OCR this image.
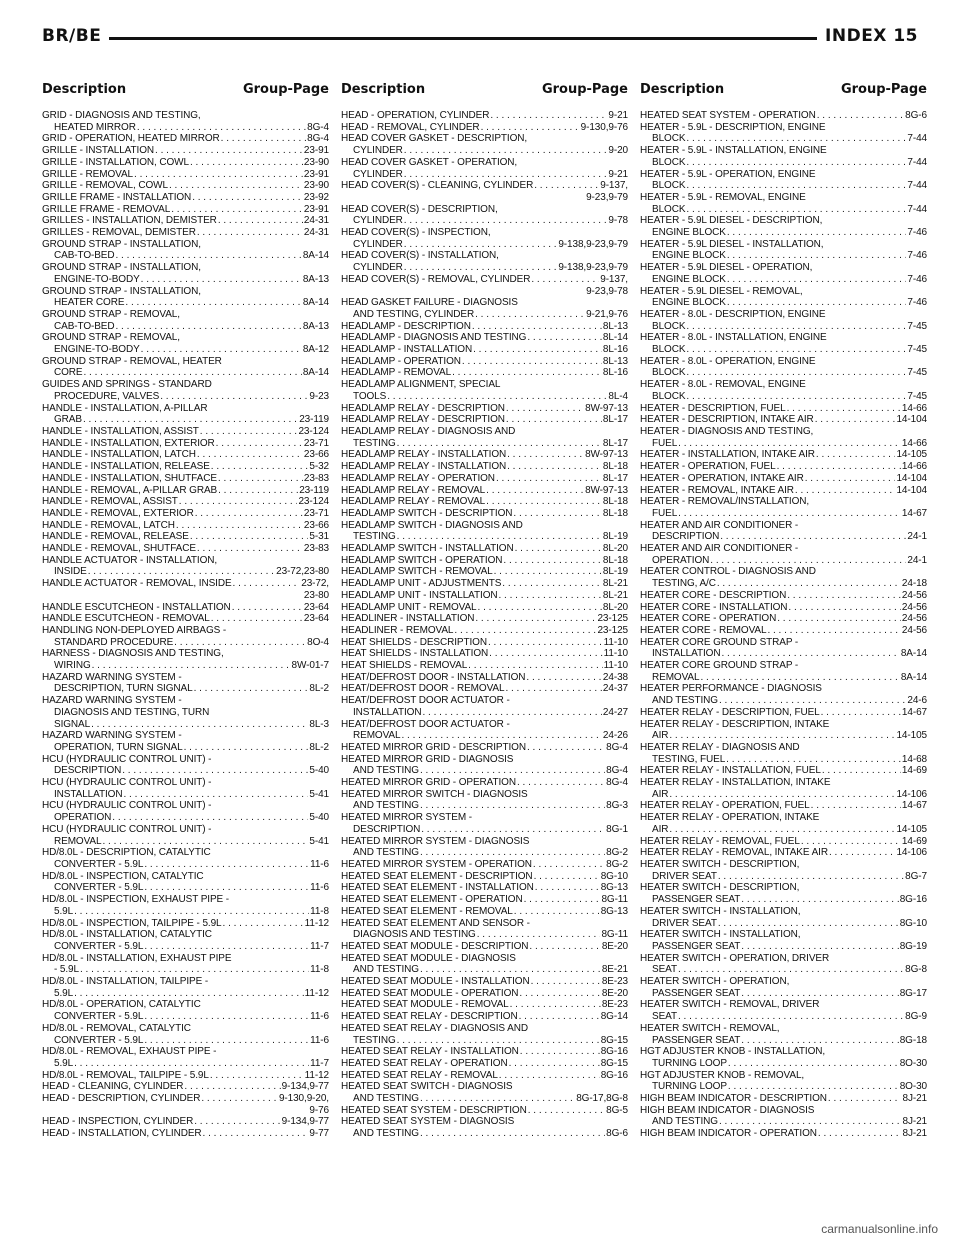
BR/BE	INDEX 15
Description	Group-Page Description	Group-Page Description	Group-Page
GRID - DIAGNOSIS AND TESTING,
HEATED MIRROR . . .	8G-4
GRID - OPERATION, HEATED MIRROR . . .	8G-4
GRILLE - INSTALLATION . . .	23-91
GRILLE - INSTALLATION, COWL . . .	23-90
GRILLE - REMOVAL . . .	23-91
GRILLE - REMOVAL, COWL . . .	23-90
GRILLE FRAME - INSTALLATION . . .	23-92
GRILLE FRAME - REMOVAL . . .	23-91
GRILLES - INSTALLATION, DEMISTER . . .	24-31
GRILLES - REMOVAL, DEMISTER . . .	24-31
GROUND STRAP - INSTALLATION,
CAB-TO-BED . . .	8A-14
GROUND STRAP - INSTALLATION,
ENGINE-TO-BODY . . .	8A-13
GROUND STRAP - INSTALLATION,
HEATER CORE . . .	8A-14
GROUND STRAP - REMOVAL,
CAB-TO-BED . . .	8A-13
GROUND STRAP - REMOVAL,
ENGINE-TO-BODY . . .	8A-12
GROUND STRAP - REMOVAL, HEATER
CORE . . .	8A-14
GUIDES AND SPRINGS - STANDARD
PROCEDURE, VALVES . . .	9-23
HANDLE - INSTALLATION, A-PILLAR
GRAB . . .	23-119
HANDLE - INSTALLATION, ASSIST . . .	23-124
HANDLE - INSTALLATION, EXTERIOR . . .	23-71
HANDLE - INSTALLATION, LATCH . . .	23-66
HANDLE - INSTALLATION, RELEASE . . .	5-32
HANDLE - INSTALLATION, SHUTFACE . . .	23-83
HANDLE - REMOVAL, A-PILLAR GRAB . . .	23-119
HANDLE - REMOVAL, ASSIST . . .	23-124
HANDLE - REMOVAL, EXTERIOR . . .	23-71
HANDLE - REMOVAL, LATCH . . .	23-66
HANDLE - REMOVAL, RELEASE . . .	5-31
HANDLE - REMOVAL, SHUTFACE . . .	23-83
HANDLE ACTUATOR - INSTALLATION,
INSIDE . . .	23-72,23-80
HANDLE ACTUATOR - REMOVAL, INSIDE . . .	23-72,
23-80
HANDLE ESCUTCHEON - INSTALLATION . . .	23-64
HANDLE ESCUTCHEON - REMOVAL . . .	23-64
HANDLING NON-DEPLOYED AIRBAGS -
STANDARD PROCEDURE . . .	8O-4
HARNESS - DIAGNOSIS AND TESTING,
WIRING . . .	8W-01-7
HAZARD WARNING SYSTEM -
DESCRIPTION, TURN SIGNAL . . .	8L-2
HAZARD WARNING SYSTEM -
DIAGNOSIS AND TESTING, TURN
SIGNAL . . .	8L-3
HAZARD WARNING SYSTEM -
OPERATION, TURN SIGNAL . . .	8L-2
HCU (HYDRAULIC CONTROL UNIT) -
DESCRIPTION . . .	5-40
HCU (HYDRAULIC CONTROL UNIT) -
INSTALLATION . . .	5-41
HCU (HYDRAULIC CONTROL UNIT) -
OPERATION . . .	5-40
HCU (HYDRAULIC CONTROL UNIT) -
REMOVAL . . .	5-41
HD/8.0L - DESCRIPTION, CATALYTIC
CONVERTER - 5.9L . . .	11-6
HD/8.0L - INSPECTION, CATALYTIC
CONVERTER - 5.9L . . .	11-6
HD/8.0L - INSPECTION, EXHAUST PIPE -
5.9L . . .	11-8
HD/8.0L - INSPECTION, TAILPIPE - 5.9L . . .	11-12
HD/8.0L - INSTALLATION, CATALYTIC
CONVERTER - 5.9L . . .	11-7
HD/8.0L - INSTALLATION, EXHAUST PIPE
- 5.9L . . .	11-8
HD/8.0L - INSTALLATION, TAILPIPE -
5.9L . . .	11-12
HD/8.0L - OPERATION, CATALYTIC
CONVERTER - 5.9L . . .	11-6
HD/8.0L - REMOVAL, CATALYTIC
CONVERTER - 5.9L . . .	11-6
HD/8.0L - REMOVAL, EXHAUST PIPE -
5.9L . . .	11-7
HD/8.0L - REMOVAL, TAILPIPE - 5.9L . . .	11-12
HEAD - CLEANING, CYLINDER . . .	9-134,9-77
HEAD - DESCRIPTION, CYLINDER . . .	9-130,9-20,
9-76
HEAD - INSPECTION, CYLINDER . . .	9-134,9-77
HEAD - INSTALLATION, CYLINDER . . .	9-77
HEAD - OPERATION, CYLINDER . . .	9-21
HEAD - REMOVAL, CYLINDER . . .	9-130,9-76
HEAD COVER GASKET - DESCRIPTION,
CYLINDER . . .	9-20
HEAD COVER GASKET - OPERATION,
CYLINDER . . .	9-21
HEAD COVER(S) - CLEANING, CYLINDER . . .	9-137,
9-23,9-79
HEAD COVER(S) - DESCRIPTION,
CYLINDER . . .	9-78
HEAD COVER(S) - INSPECTION,
CYLINDER . . .	9-138,9-23,9-79
HEAD COVER(S) - INSTALLATION,
CYLINDER . . .	9-138,9-23,9-79
HEAD COVER(S) - REMOVAL, CYLINDER . . .	9-137,
9-23,9-78
HEAD GASKET FAILURE - DIAGNOSIS
AND TESTING, CYLINDER . . .	9-21,9-76
HEADLAMP - DESCRIPTION . . .	8L-13
HEADLAMP - DIAGNOSIS AND TESTING . . .	8L-14
HEADLAMP - INSTALLATION . . .	8L-16
HEADLAMP - OPERATION . . .	8L-13
HEADLAMP - REMOVAL . . .	8L-16
HEADLAMP ALIGNMENT, SPECIAL
TOOLS . . .	8L-4
HEADLAMP RELAY - DESCRIPTION . . .	8W-97-13
HEADLAMP RELAY - DESCRIPTION . . .	8L-17
HEADLAMP RELAY - DIAGNOSIS AND
TESTING . . .	8L-17
HEADLAMP RELAY - INSTALLATION . . .	8W-97-13
HEADLAMP RELAY - INSTALLATION . . .	8L-18
HEADLAMP RELAY - OPERATION . . .	8L-17
HEADLAMP RELAY - REMOVAL . . .	8W-97-13
HEADLAMP RELAY - REMOVAL . . .	8L-18
HEADLAMP SWITCH - DESCRIPTION . . .	8L-18
HEADLAMP SWITCH - DIAGNOSIS AND
TESTING . . .	8L-19
HEADLAMP SWITCH - INSTALLATION . . .	8L-20
HEADLAMP SWITCH - OPERATION . . .	8L-18
HEADLAMP SWITCH - REMOVAL . . .	8L-19
HEADLAMP UNIT - ADJUSTMENTS . . .	8L-21
HEADLAMP UNIT - INSTALLATION . . .	8L-21
HEADLAMP UNIT - REMOVAL . . .	8L-20
HEADLINER - INSTALLATION . . .	23-125
HEADLINER - REMOVAL . . .	23-125
HEAT SHIELDS - DESCRIPTION . . .	11-10
HEAT SHIELDS - INSTALLATION . . .	11-10
HEAT SHIELDS - REMOVAL . . .	11-10
HEAT/DEFROST DOOR - INSTALLATION . . .	24-38
HEAT/DEFROST DOOR - REMOVAL . . .	24-37
HEAT/DEFROST DOOR ACTUATOR -
INSTALLATION . . .	24-27
HEAT/DEFROST DOOR ACTUATOR -
REMOVAL . . .	24-26
HEATED MIRROR GRID - DESCRIPTION . . .	8G-4
HEATED MIRROR GRID - DIAGNOSIS
AND TESTING . . .	8G-4
HEATED MIRROR GRID - OPERATION . . .	8G-4
HEATED MIRROR SWITCH - DIAGNOSIS
AND TESTING . . .	8G-3
HEATED MIRROR SYSTEM -
DESCRIPTION . . .	8G-1
HEATED MIRROR SYSTEM - DIAGNOSIS
AND TESTING . . .	8G-2
HEATED MIRROR SYSTEM - OPERATION . . .	8G-2
HEATED SEAT ELEMENT - DESCRIPTION . . .	8G-10
HEATED SEAT ELEMENT - INSTALLATION . . .	8G-13
HEATED SEAT ELEMENT - OPERATION . . .	8G-11
HEATED SEAT ELEMENT - REMOVAL . . .	8G-13
HEATED SEAT ELEMENT AND SENSOR -
DIAGNOSIS AND TESTING . . .	8G-11
HEATED SEAT MODULE - DESCRIPTION . . .	8E-20
HEATED SEAT MODULE - DIAGNOSIS
AND TESTING . . .	8E-21
HEATED SEAT MODULE - INSTALLATION . . .	8E-23
HEATED SEAT MODULE - OPERATION . . .	8E-20
HEATED SEAT MODULE - REMOVAL . . .	8E-23
HEATED SEAT RELAY - DESCRIPTION . . .	8G-14
HEATED SEAT RELAY - DIAGNOSIS AND
TESTING . . .	8G-15
HEATED SEAT RELAY - INSTALLATION . . .	8G-16
HEATED SEAT RELAY - OPERATION . . .	8G-15
HEATED SEAT RELAY - REMOVAL . . .	8G-16
HEATED SEAT SWITCH - DIAGNOSIS
AND TESTING . . .	8G-17,8G-8
HEATED SEAT SYSTEM - DESCRIPTION . . .	8G-5
HEATED SEAT SYSTEM - DIAGNOSIS
AND TESTING . . .	8G-6
HEATED SEAT SYSTEM - OPERATION . . .	8G-6
HEATER - 5.9L - DESCRIPTION, ENGINE
BLOCK . . .	7-44
HEATER - 5.9L - INSTALLATION, ENGINE
BLOCK . . .	7-44
HEATER - 5.9L - OPERATION, ENGINE
BLOCK . . .	7-44
HEATER - 5.9L - REMOVAL, ENGINE
BLOCK . . .	7-44
HEATER - 5.9L DIESEL - DESCRIPTION,
ENGINE BLOCK . . .	7-46
HEATER - 5.9L DIESEL - INSTALLATION,
ENGINE BLOCK . . .	7-46
HEATER - 5.9L DIESEL - OPERATION,
ENGINE BLOCK . . .	7-46
HEATER - 5.9L DIESEL - REMOVAL,
ENGINE BLOCK . . .	7-46
HEATER - 8.0L - DESCRIPTION, ENGINE
BLOCK . . .	7-45
HEATER - 8.0L - INSTALLATION, ENGINE
BLOCK . . .	7-45
HEATER - 8.0L - OPERATION, ENGINE
BLOCK . . .	7-45
HEATER - 8.0L - REMOVAL, ENGINE
BLOCK . . .	7-45
HEATER - DESCRIPTION, FUEL . . .	14-66
HEATER - DESCRIPTION, INTAKE AIR . . .	14-104
HEATER - DIAGNOSIS AND TESTING,
FUEL . . .	14-66
HEATER - INSTALLATION, INTAKE AIR . . .	14-105
HEATER - OPERATION, FUEL . . .	14-66
HEATER - OPERATION, INTAKE AIR . . .	14-104
HEATER - REMOVAL, INTAKE AIR . . .	14-104
HEATER - REMOVAL/INSTALLATION,
FUEL . . .	14-67
HEATER AND AIR CONDITIONER -
DESCRIPTION . . .	24-1
HEATER AND AIR CONDITIONER -
OPERATION . . .	24-1
HEATER CONTROL - DIAGNOSIS AND
TESTING, A/C . . .	24-18
HEATER CORE - DESCRIPTION . . .	24-56
HEATER CORE - INSTALLATION . . .	24-56
HEATER CORE - OPERATION . . .	24-56
HEATER CORE - REMOVAL . . .	24-56
HEATER CORE GROUND STRAP -
INSTALLATION . . .	8A-14
HEATER CORE GROUND STRAP -
REMOVAL . . .	8A-14
HEATER PERFORMANCE - DIAGNOSIS
AND TESTING . . .	24-6
HEATER RELAY - DESCRIPTION, FUEL . . .	14-67
HEATER RELAY - DESCRIPTION, INTAKE
AIR . . .	14-105
HEATER RELAY - DIAGNOSIS AND
TESTING, FUEL . . .	14-68
HEATER RELAY - INSTALLATION, FUEL . . .	14-69
HEATER RELAY - INSTALLATION, INTAKE
AIR . . .	14-106
HEATER RELAY - OPERATION, FUEL . . .	14-67
HEATER RELAY - OPERATION, INTAKE
AIR . . .	14-105
HEATER RELAY - REMOVAL, FUEL . . .	14-69
HEATER RELAY - REMOVAL, INTAKE AIR . . .	14-106
HEATER SWITCH - DESCRIPTION,
DRIVER SEAT . . .	8G-7
HEATER SWITCH - DESCRIPTION,
PASSENGER SEAT . . .	8G-16
HEATER SWITCH - INSTALLATION,
DRIVER SEAT . . .	8G-10
HEATER SWITCH - INSTALLATION,
PASSENGER SEAT . . .	8G-19
HEATER SWITCH - OPERATION, DRIVER
SEAT . . .	8G-8
HEATER SWITCH - OPERATION,
PASSENGER SEAT . . .	8G-17
HEATER SWITCH - REMOVAL, DRIVER
SEAT . . .	8G-9
HEATER SWITCH - REMOVAL,
PASSENGER SEAT . . .	8G-18
HGT ADJUSTER KNOB - INSTALLATION,
TURNING LOOP . . .	8O-30
HGT ADJUSTER KNOB - REMOVAL,
TURNING LOOP . . .	8O-30
HIGH BEAM INDICATOR - DESCRIPTION . . .	8J-21
HIGH BEAM INDICATOR - DIAGNOSIS
AND TESTING . . .	8J-21
HIGH BEAM INDICATOR - OPERATION . . .	8J-21
carmanualsonline.info
